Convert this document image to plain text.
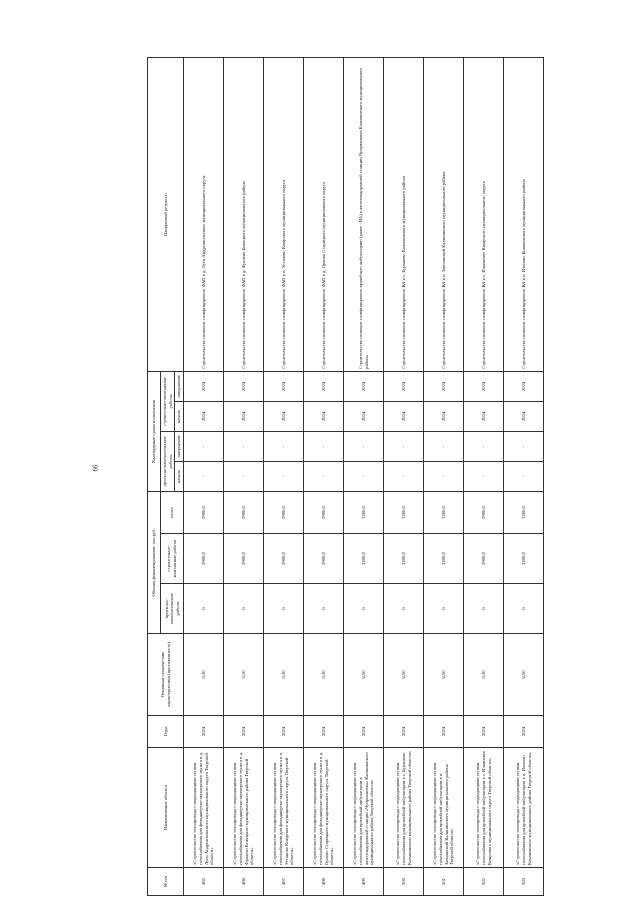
66
№ п/п	Наименование объекта	Годы	Основные технические характеристики (протяженность)	Объемы финансирования, тыс.руб.			Календарные сроки исполнения				Ожидаемый результат
				проектно-изыскательские работы	строительно-монтажные работы	итого	проектно-изыскательские работы		строительно-монтажные работы		
							начало	завершение	начало	завершение	
495	«Строительство газопровода с подводящими сетями газоснабжения для фельдшерско-акушерского пункта в д. Луги Андреапольского муниципального округа Тверской области»	2024	0,30	0	2900,0	2900,0	-	-	2024	2024	Строительство позволит газифицировать ФАП в д. Луги Андреапольского муниципального округа
496	«Строительство газопровода с подводящими сетями газоснабжения для фельдшерско-акушерского пункта в д. Фралево Бежецкого муниципального района Тверской области»	2024	0,10	0	2900,0	2900,0	-	-	2024	2024	Строительство позволит газифицировать ФАП в д. Фралево Бежецкого муниципального района
497	«Строительство газопровода с подводящими сетями газоснабжения для фельдшерско-акушерского пункта в п. Установо Кимрского муниципального округа Тверской области»	2024	0,30	0	2900,0	2900,0	-	-	2024	2024	Строительство позволит газифицировать ФАП в п. Установо Кимрского муниципального округа
498	«Строительство газопровода с подводящими сетями газоснабжения для фельдшерско-акушерского пункта в д. Орлово Старицкого муниципального округа Тверской области»	2024	0,30	0	2900,0	2900,0	-	-	2024	2024	Строительство позволит газифицировать ФАП в д. Орлово Старицкого муниципального округа
499	«Строительство газопровода с подводящими сетями газоснабжения для врачебной амбулатории в железнодорожной станции «Чуприяновка» Калининского муниципального района Тверской области»	2024	0,50	0	3200,0	3200,0	-	-	2024	2024	Строительство позволит газифицировать врачебную амбулаторию (далее - ВА) в железнодорожной станции Чуприяновка Калининского муниципального района
500	«Строительство газопровода с подводящими сетями газоснабжения для врачебной амбулатории в с. Бурашево Калининского муниципального района Тверской области»	2024	0,50	0	3200,0	3200,0	-	-	2024	2024	Строительство позволит газифицировать ВА в с. Бурашево Калининского муниципального района
501	«Строительство газопровода с подводящими сетями газоснабжения для врачебной амбулатории в п. Заволжский Калининского муниципального района Тверской области»	2024	0,50	0	3200,0	3200,0	-	-	2024	2024	Строительство позволит газифицировать ВА в п. Заволжский Калининского муниципального района
502	«Строительство газопровода с подводящими сетями газоснабжения для врачебной амбулатории в с. Ильинское Кимрского муниципального округа Тверской области»	2024	0,30	0	2900,0	2900,0	-	-	2024	2024	Строительство позволит газифицировать ВА в с. Ильинское Кимрского муниципального округа
503	«Строительство газопровода с подводящими сетями газоснабжения для врачебной амбулатории в п. Изоплит Конаковского муниципального района Тверской области»	2024	0,50	0	3200,0	3200,0	-	-	2024	2024	Строительство позволит газифицировать ВА в п. Изоплит Конаковского муниципального района
